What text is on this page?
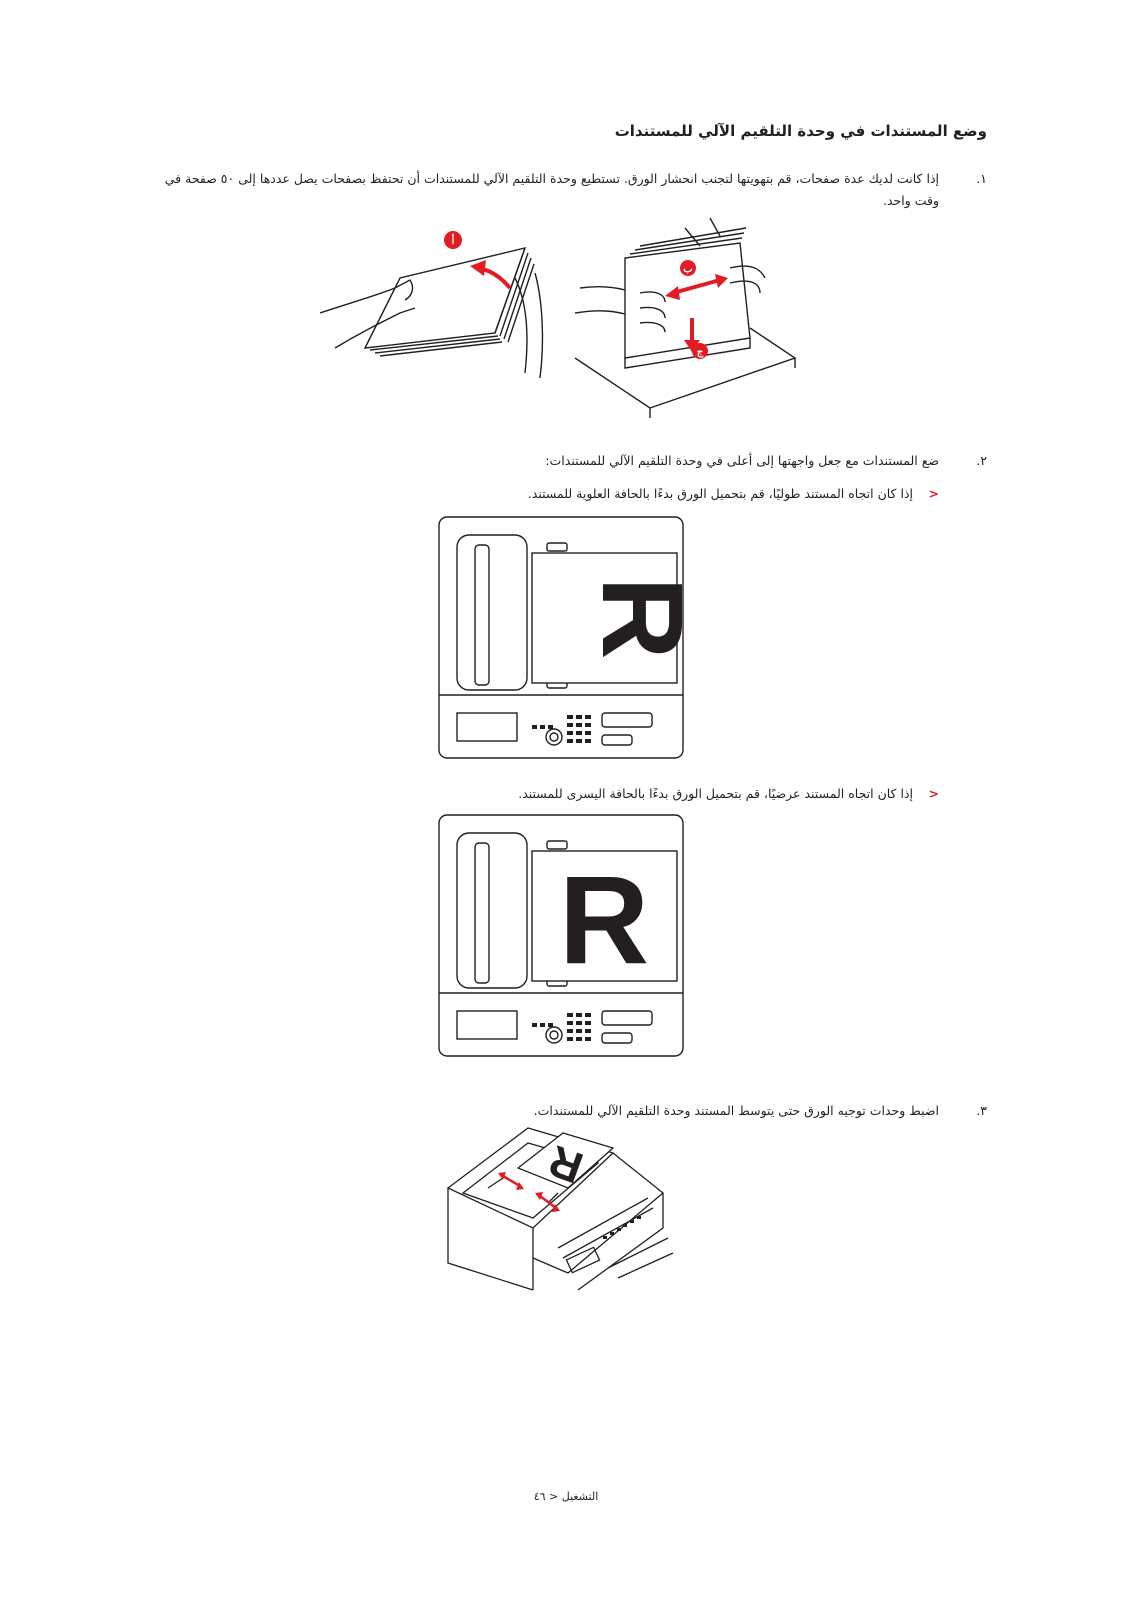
وضع المستندات في وحدة التلقيم الآلي للمستندات
١.
إذا كانت لديك عدة صفحات، قم بتهويتها لتجنب انحشار الورق. تستطيع وحدة التلقيم الآلي للمستندات أن تحتفظ بصفحات يصل عددها إلى ٥٠ صفحة في وقت واحد.
أ
ب
ج
٢.
ضع المستندات مع جعل واجهتها إلى أعلى في وحدة التلقيم الآلي للمستندات:
<
إذا كان اتجاه المستند طوليًا، قم بتحميل الورق بدءًا بالحافة العلوية للمستند.
R
<
إذا كان اتجاه المستند عرضيًا، قم بتحميل الورق بدءًا بالحافة اليسرى للمستند.
R
٣.
اضبط وحدات توجيه الورق حتى يتوسط المستند وحدة التلقيم الآلي للمستندات.
R
التشغيل < ٤٦
